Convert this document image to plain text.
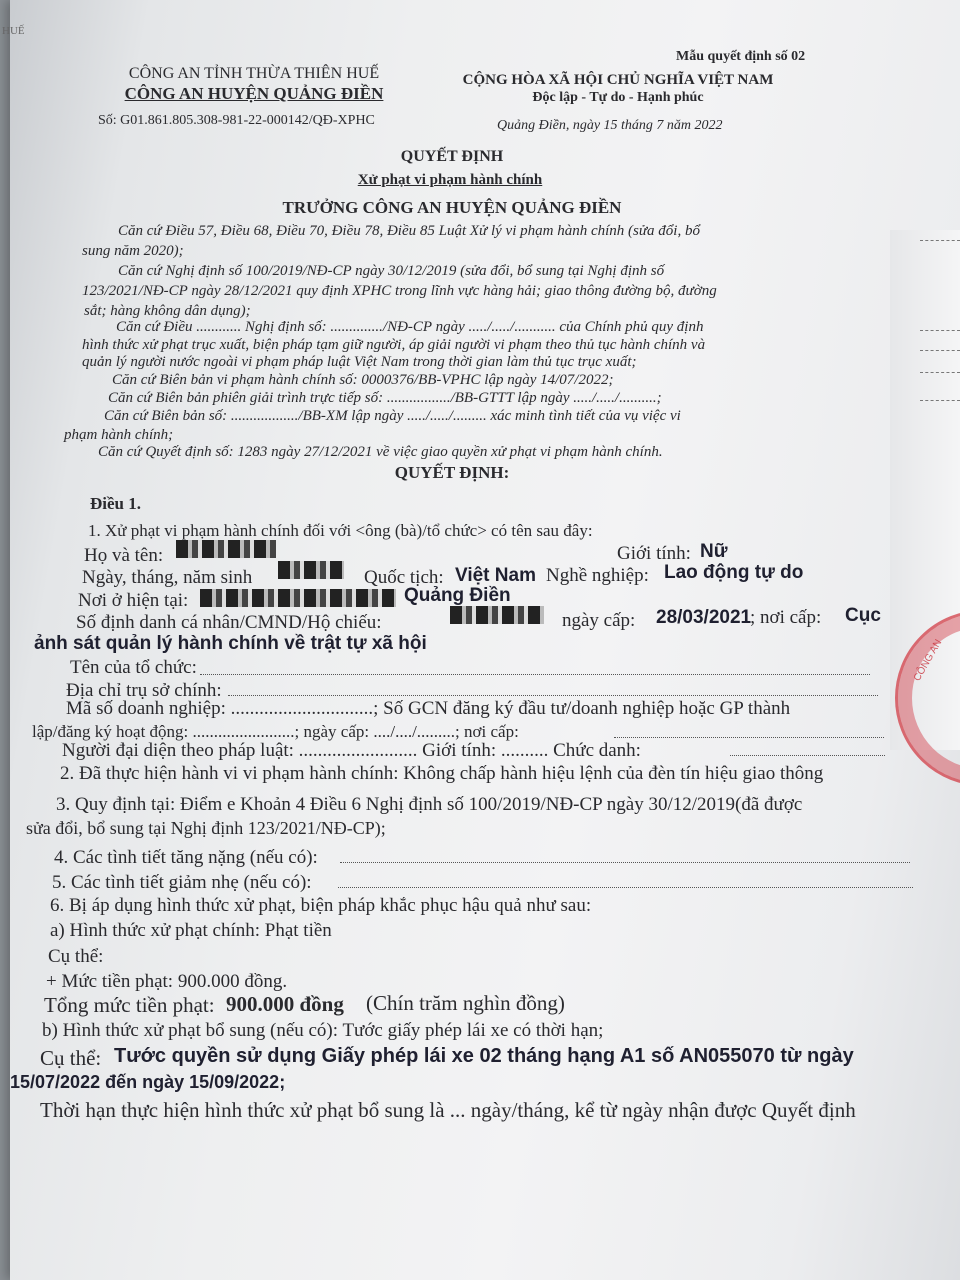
HUẾ
Mẫu quyết định số 02
CÔNG AN TỈNH THỪA THIÊN HUẾ
CÔNG AN HUYỆN QUẢNG ĐIỀN
Số: G01.861.805.308-981-22-000142/QĐ-XPHC
CỘNG HÒA XÃ HỘI CHỦ NGHĨA VIỆT NAM
Độc lập - Tự do - Hạnh phúc
Quảng Điền, ngày 15 tháng 7 năm 2022
QUYẾT ĐỊNH
Xử phạt vi phạm hành chính
TRƯỞNG CÔNG AN HUYỆN QUẢNG ĐIỀN
Căn cứ Điều 57, Điều 68, Điều 70, Điều 78, Điều 85 Luật Xử lý vi phạm hành chính (sửa đổi, bổ
sung năm 2020);
Căn cứ Nghị định số 100/2019/NĐ-CP ngày 30/12/2019 (sửa đổi, bổ sung tại Nghị định số
123/2021/NĐ-CP ngày 28/12/2021 quy định XPHC trong lĩnh vực hàng hải; giao thông đường bộ, đường
sắt; hàng không dân dụng);
Căn cứ Điều ............ Nghị định số: ............../NĐ-CP ngày ...../...../........... của Chính phủ quy định
hình thức xử phạt trục xuất, biện pháp tạm giữ người, áp giải người vi phạm theo thủ tục hành chính và
quản lý người nước ngoài vi phạm pháp luật Việt Nam trong thời gian làm thủ tục trục xuất;
Căn cứ Biên bản vi phạm hành chính số: 0000376/BB-VPHC lập ngày 14/07/2022;
Căn cứ Biên bản phiên giải trình trực tiếp số: ................./BB-GTTT lập ngày ...../...../..........;
Căn cứ Biên bản số: ................../BB-XM lập ngày ...../...../......... xác minh tình tiết của vụ việc vi
phạm hành chính;
Căn cứ Quyết định số: 1283 ngày 27/12/2021 về việc giao quyền xử phạt vi phạm hành chính.
QUYẾT ĐỊNH:
Điều 1.
1. Xử phạt vi phạm hành chính đối với <ông (bà)/tổ chức> có tên sau đây:
Họ và tên:	Giới tính: Nữ
Ngày, tháng, năm sinh	Quốc tịch: Việt Nam Nghề nghiệp: Lao động tự do
Nơi ở hiện tại:	Quảng Điền
Số định danh cá nhân/CMND/Hộ chiếu:	ngày cấp: 28/03/2021
; nơi cấp: Cục
ảnh sát quản lý hành chính về trật tự xã hội
Tên của tổ chức:
Địa chỉ trụ sở chính:
Mã số doanh nghiệp: ..............................; Số GCN đăng ký đầu tư/doanh nghiệp hoặc GP thành
lập/đăng ký hoạt động: ........................; ngày cấp: ..../..../.........; nơi cấp:
Người đại diện theo pháp luật: ......................... Giới tính: .......... Chức danh:
2. Đã thực hiện hành vi vi phạm hành chính: Không chấp hành hiệu lệnh của đèn tín hiệu giao thông
3. Quy định tại: Điểm e Khoản 4 Điều 6 Nghị định số 100/2019/NĐ-CP ngày 30/12/2019(đã được
sửa đổi, bổ sung tại Nghị định 123/2021/NĐ-CP);
4. Các tình tiết tăng nặng (nếu có):
5. Các tình tiết giảm nhẹ (nếu có):
6. Bị áp dụng hình thức xử phạt, biện pháp khắc phục hậu quả như sau:
a) Hình thức xử phạt chính: Phạt tiền
Cụ thể:
+ Mức tiền phạt: 900.000 đồng.
Tổng mức tiền phạt: 900.000 đồng (Chín trăm nghìn đồng)
b) Hình thức xử phạt bổ sung (nếu có): Tước giấy phép lái xe có thời hạn;
Cụ thể: Tước quyền sử dụng Giấy phép lái xe 02 tháng hạng A1 số AN055070 từ ngày
15/07/2022 đến ngày 15/09/2022;
Thời hạn thực hiện hình thức xử phạt bổ sung là ... ngày/tháng, kể từ ngày nhận được Quyết định
CÔNG AN
